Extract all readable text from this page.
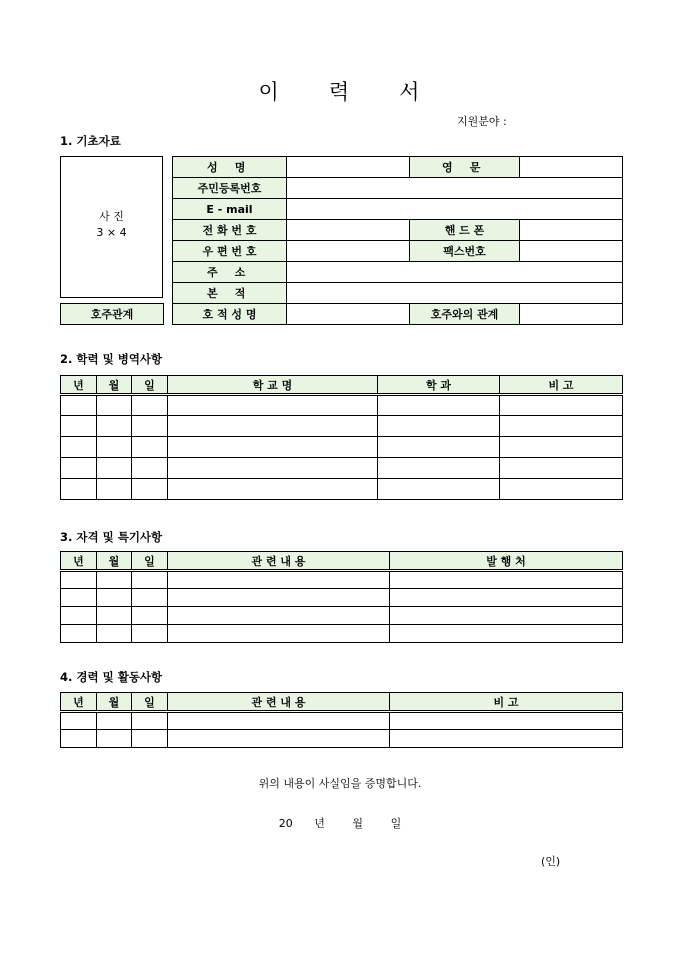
이 력 서
지원분야 :
1. 기초자료
사 진
3 × 4
성 명		영 문	
주민등록번호			
E - mail			
전 화 번 호		핸 드 폰	
우 편 번 호		팩스번호	
주 소			
본 적			
호주관계		호 적 성 명		호주와의 관계	
2. 학력 및 병역사항
년	월	일	학 교 명	학 과	비 고

3. 자격 및 특기사항
년	월	일	관 련 내 용	발 행 처

4. 경력 및 활동사항
년	월	일	관 련 내 용	비 고

위의 내용이 사실임을 증명합니다.
20 년	월	일
(인)
